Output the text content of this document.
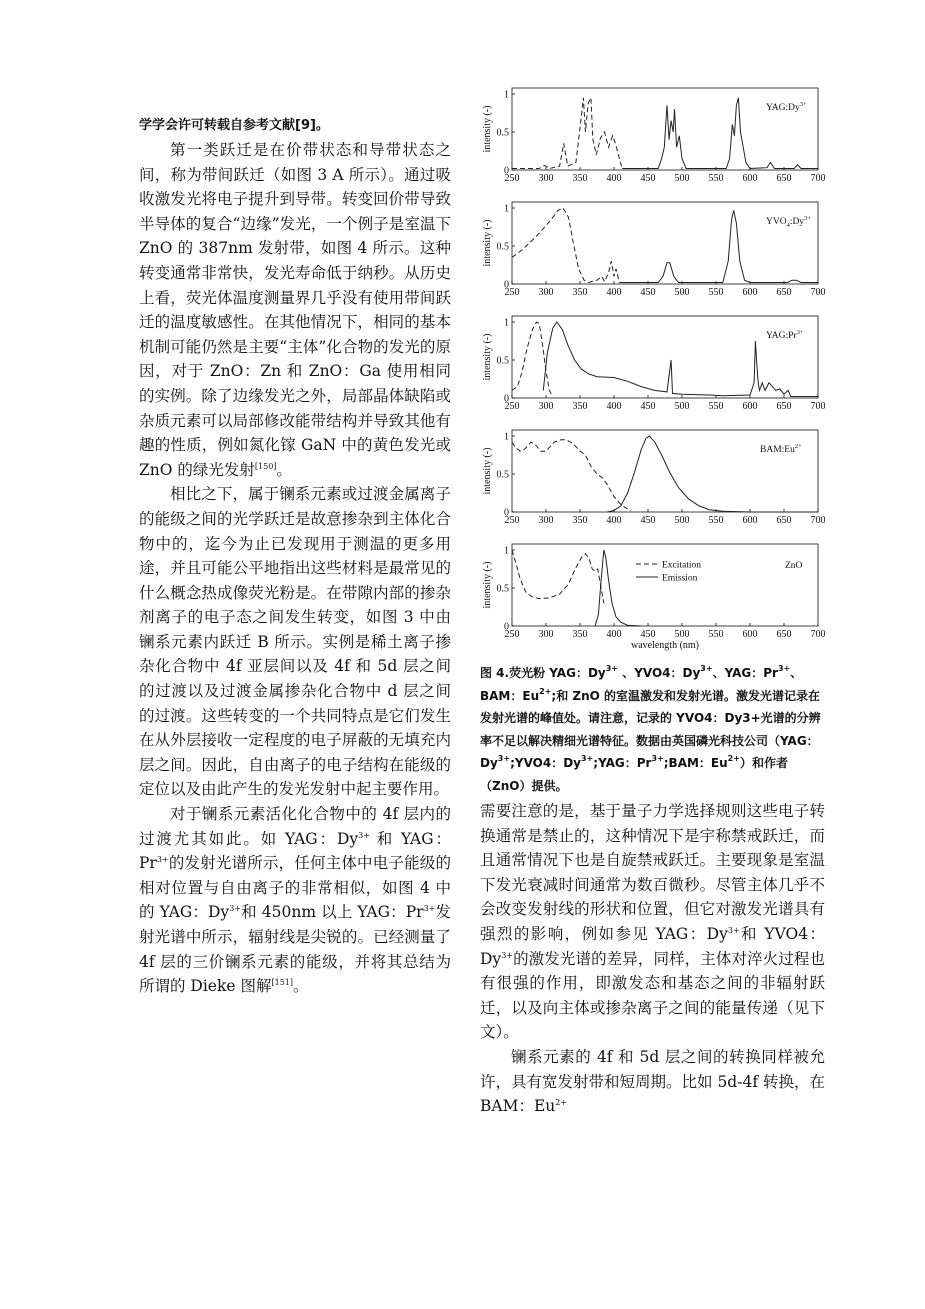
学学会许可转载自参考文献[9]。

第一类跃迁是在价带状态和导带状态之间，称为带间跃迁（如图 3 A 所示）。通过吸收激发光将电子提升到导带。转变回价带导致半导体的复合“边缘”发光，一个例子是室温下 ZnO 的 387nm 发射带，如图 4 所示。这种转变通常非常快，发光寿命低于纳秒。从历史上看，荧光体温度测量界几乎没有使用带间跃迁的温度敏感性。在其他情况下，相同的基本机制可能仍然是主要“主体”化合物的发光的原因，对于 ZnO：Zn 和 ZnO：Ga 使用相同的实例。除了边缘发光之外，局部晶体缺陷或杂质元素可以局部修改能带结构并导致其他有趣的性质，例如氮化镓 GaN 中的黄色发光或 ZnO 的绿光发射[150]。

相比之下，属于镧系元素或过渡金属离子的能级之间的光学跃迁是故意掺杂到主体化合物中的，迄今为止已发现用于测温的更多用途，并且可能公平地指出这些材料是最常见的什么概念热成像荧光粉是。在带隙内部的掺杂剂离子的电子态之间发生转变，如图 3 中由镧系元素内跃迁 B 所示。实例是稀土离子掺杂化合物中 4f 亚层间以及 4f 和 5d 层之间的过渡以及过渡金属掺杂化合物中 d 层之间的过渡。这些转变的一个共同特点是它们发生在从外层接收一定程度的电子屏蔽的无填充内层之间。因此，自由离子的电子结构在能级的定位以及由此产生的发光发射中起主要作用。

对于镧系元素活化化合物中的 4f 层内的过渡尤其如此。如 YAG：$Dy^{3+}$ 和 YAG：$Pr^{3+}$的发射光谱所示，任何主体中电子能级的相对位置与自由离子的非常相似，如图 4 中的 YAG：$Dy^{3+}$和 450nm 以上 YAG：$Pr^{3+}$发射光谱中所示，辐射线是尖锐的。已经测量了 4f 层的三价镧系元素的能级，并将其总结为所谓的 Dieke 图解[151]。

0
0.5
1
250 300 350 400 450 500 550 600 650 700
intensity (-)	$YAG:Dy^{3+}$
0
0.5
1
250 300 350 400 450 500 550 600 650 700
intensity (-)	$YVO_4:Dy^{3+}$
0
0.5
1
250 300 350 400 450 500 550 600 650 700
intensity (-)	$YAG:Pr^{3+}$
0
0.5
1
250 300 350 400 450 500 550 600 650 700
intensity (-)	$BAM:Eu^{2+}$
0
0.5
1
250 300 350 400 450 500 550 600 650 700
intensity (-)	ZnO
Excitation
Emission
wavelength (nm)

图 4.荧光粉 YAG：$Dy^{3+}$ 、YVO4：$Dy^{3+}$、YAG：$Pr^{3+}$、BAM：$Eu^{2+}$;和 ZnO 的室温激发和发射光谱。激发光谱记录在发射光谱的峰值处。请注意，记录的 YVO4：Dy3+光谱的分辨率不足以解决精细光谱特征。数据由英国磷光科技公司（YAG：$Dy^{3+};YVO4$：$Dy^{3+};YAG$：$Pr^{3+};BAM$：$Eu^{2+}$）和作者（ZnO）提供。

需要注意的是，基于量子力学选择规则这些电子转换通常是禁止的，这种情况下是宇称禁戒跃迁，而且通常情况下也是自旋禁戒跃迁。主要现象是室温下发光衰减时间通常为数百微秒。尽管主体几乎不会改变发射线的形状和位置，但它对激发光谱具有强烈的影响，例如参见 YAG：$Dy^{3+}$和 YVO4：$Dy^{3+}$的激发光谱的差异，同样，主体对淬火过程也有很强的作用，即激发态和基态之间的非辐射跃迁，以及向主体或掺杂离子之间的能量传递（见下文）。

镧系元素的 4f 和 5d 层之间的转换同样被允许，具有宽发射带和短周期。比如 5d-4f 转换，在 BAM：$Eu^{2+}$
